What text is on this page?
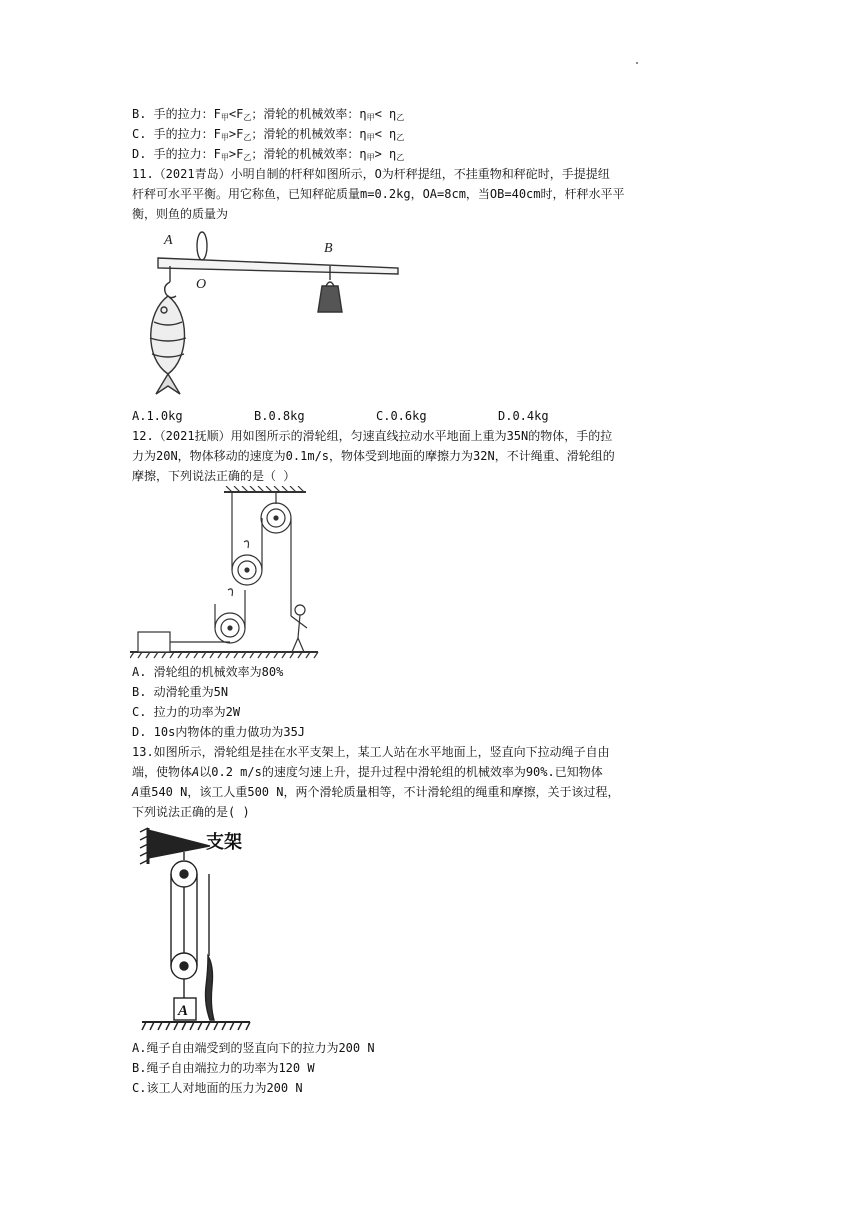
B. 手的拉力：$F_甲<F_乙$；滑轮的机械效率：$\eta_甲< \eta_乙$
C. 手的拉力：$F_甲>F_乙$；滑轮的机械效率：$\eta_甲< \eta_乙$
D. 手的拉力：$F_甲>F_乙$；滑轮的机械效率：$\eta_甲> \eta_乙$
11.（2021青岛）小明自制的杆秤如图所示，O为杆秤提纽，不挂重物和秤砣时，手提提纽
杆秤可水平平衡。用它称鱼，已知秤砣质量m=0.2kg，OA=8cm，当OB=40cm时，杆秤水平平
衡，则鱼的质量为
A
O
B
A.1.0kg	B.0.8kg	C.0.6kg	D.0.4kg
12.（2021抚顺）用如图所示的滑轮组，匀速直线拉动水平地面上重为35N的物体，手的拉
力为20N，物体移动的速度为0.1m/s，物体受到地面的摩擦力为32N，不计绳重、滑轮组的
摩擦，下列说法正确的是（ ）
A. 滑轮组的机械效率为80%
B. 动滑轮重为5N
C. 拉力的功率为2W
D. 10s内物体的重力做功为35J
13.如图所示，滑轮组是挂在水平支架上，某工人站在水平地面上，竖直向下拉动绳子自由
端，使物体A以0.2 m/s的速度匀速上升，提升过程中滑轮组的机械效率为90%.已知物体
A重540 N，该工人重500 N，两个滑轮质量相等，不计滑轮组的绳重和摩擦，关于该过程，
下列说法正确的是( )
支架
A
A.绳子自由端受到的竖直向下的拉力为200 N
B.绳子自由端拉力的功率为120 W
C.该工人对地面的压力为200 N
